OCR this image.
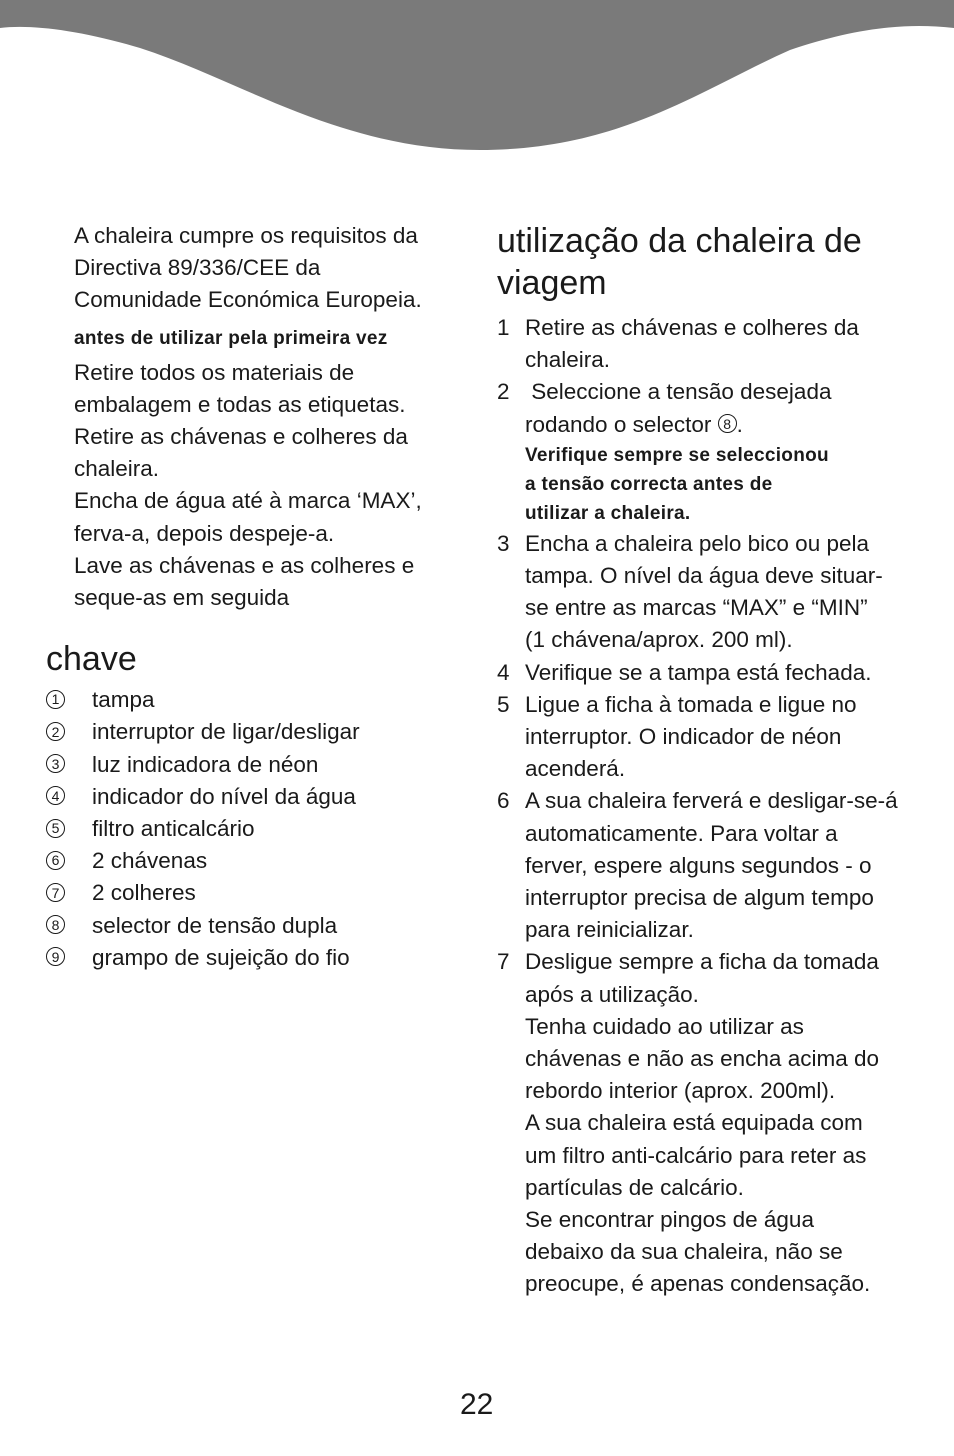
A chaleira cumpre os requisitos da

Directiva 89/336/CEE da

Comunidade Económica Europeia.

antes de utilizar pela primeira vez

Retire todos os materiais de

embalagem e todas as etiquetas.

Retire as chávenas e colheres da

chaleira.

Encha de água até à marca ‘MAX’,

ferva-a, depois despeje-a.

Lave as chávenas e as colheres e

seque-as em seguida

chave
1	tampa
2	interruptor de ligar/desligar
3	luz indicadora de néon
4	indicador do nível da água
5	filtro anticalcário
6	2 chávenas
7	2 colheres
8	selector de tensão dupla
9	grampo de sujeição do fio
utilização da chaleira de
viagem
1 Retire as chávenas e colheres da

chaleira.

2 Seleccione a tensão desejada

rodando o selector 8 .

Verifique sempre se seleccionou

a tensão correcta antes de

utilizar a chaleira.

3 Encha a chaleira pelo bico ou pela

tampa. O nível da água deve situar-

se entre as marcas “MAX” e “MIN”

(1 chávena/aprox. 200 ml).

4 Verifique se a tampa está fechada.

5 Ligue a ficha à tomada e ligue no

interruptor. O indicador de néon

acenderá.

6 A sua chaleira ferverá e desligar-se-á

automaticamente. Para voltar a

ferver, espere alguns segundos - o

interruptor precisa de algum tempo

para reinicializar.

7 Desligue sempre a ficha da tomada

após a utilização.

Tenha cuidado ao utilizar as

chávenas e não as encha acima do

rebordo interior (aprox. 200ml).

A sua chaleira está equipada com

um filtro anti-calcário para reter as

partículas de calcário.

Se encontrar pingos de água

debaixo da sua chaleira, não se

preocupe, é apenas condensação.

22
